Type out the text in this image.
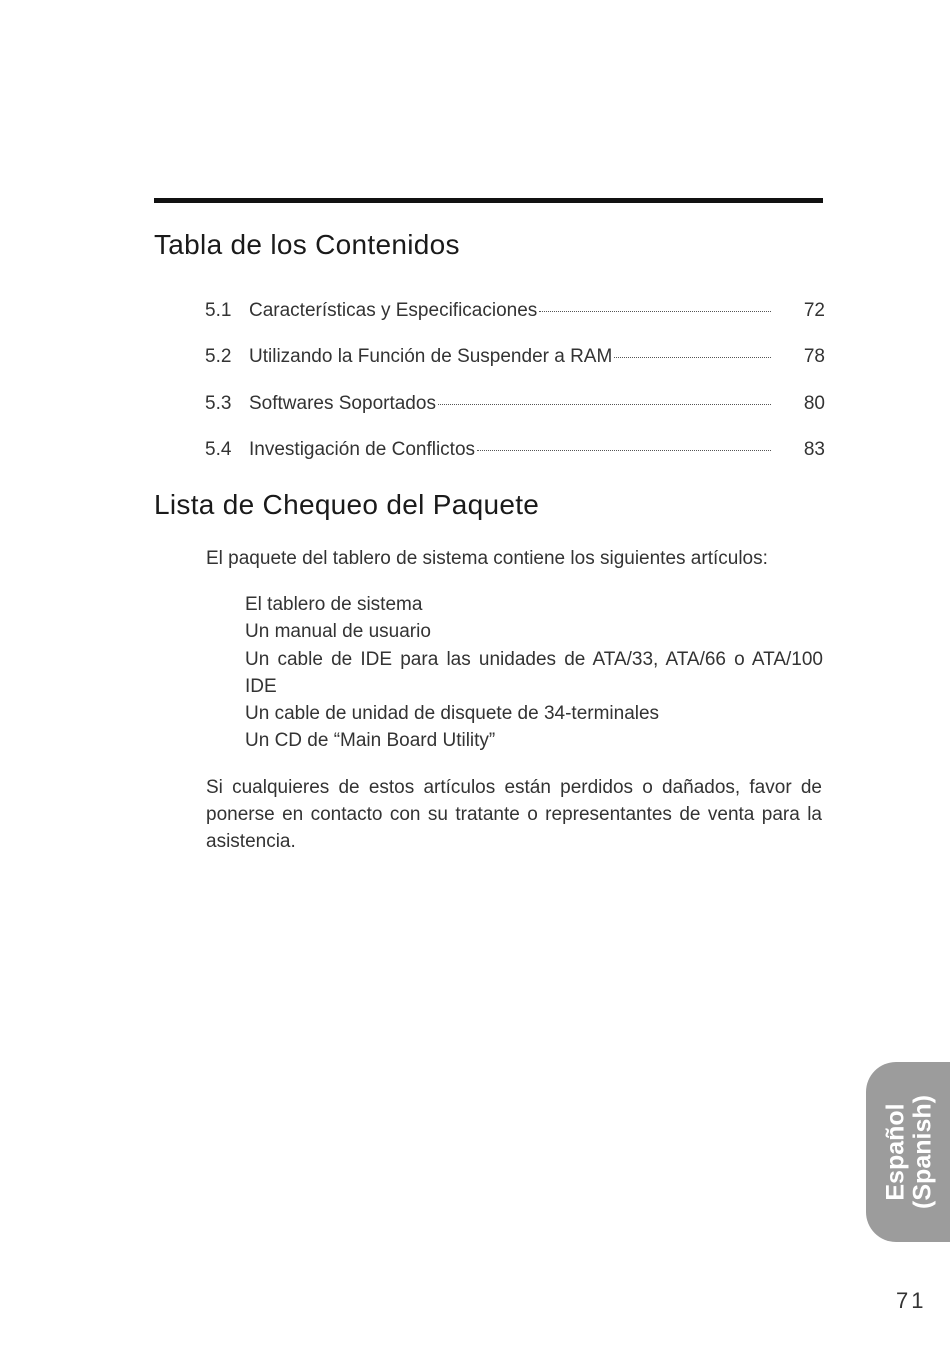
Tabla de los Contenidos
5.1 Características y Especificaciones	72
5.2 Utilizando la Función de Suspender a RAM	78
5.3 Softwares Soportados	80
5.4 Investigación de Conflictos	83
Lista de Chequeo del Paquete

El paquete del tablero de sistema contiene los siguientes artículos:

El tablero de sistema
Un manual de usuario
Un cable de IDE para las unidades de ATA/33, ATA/66 o ATA/100 IDE
Un cable de unidad de disquete de 34-terminales
Un CD de “Main Board Utility”

Si cualquieres de estos artículos están perdidos o dañados, favor de ponerse en contacto con su tratante o representantes de venta para la asistencia.

Español (Spanish)
71
